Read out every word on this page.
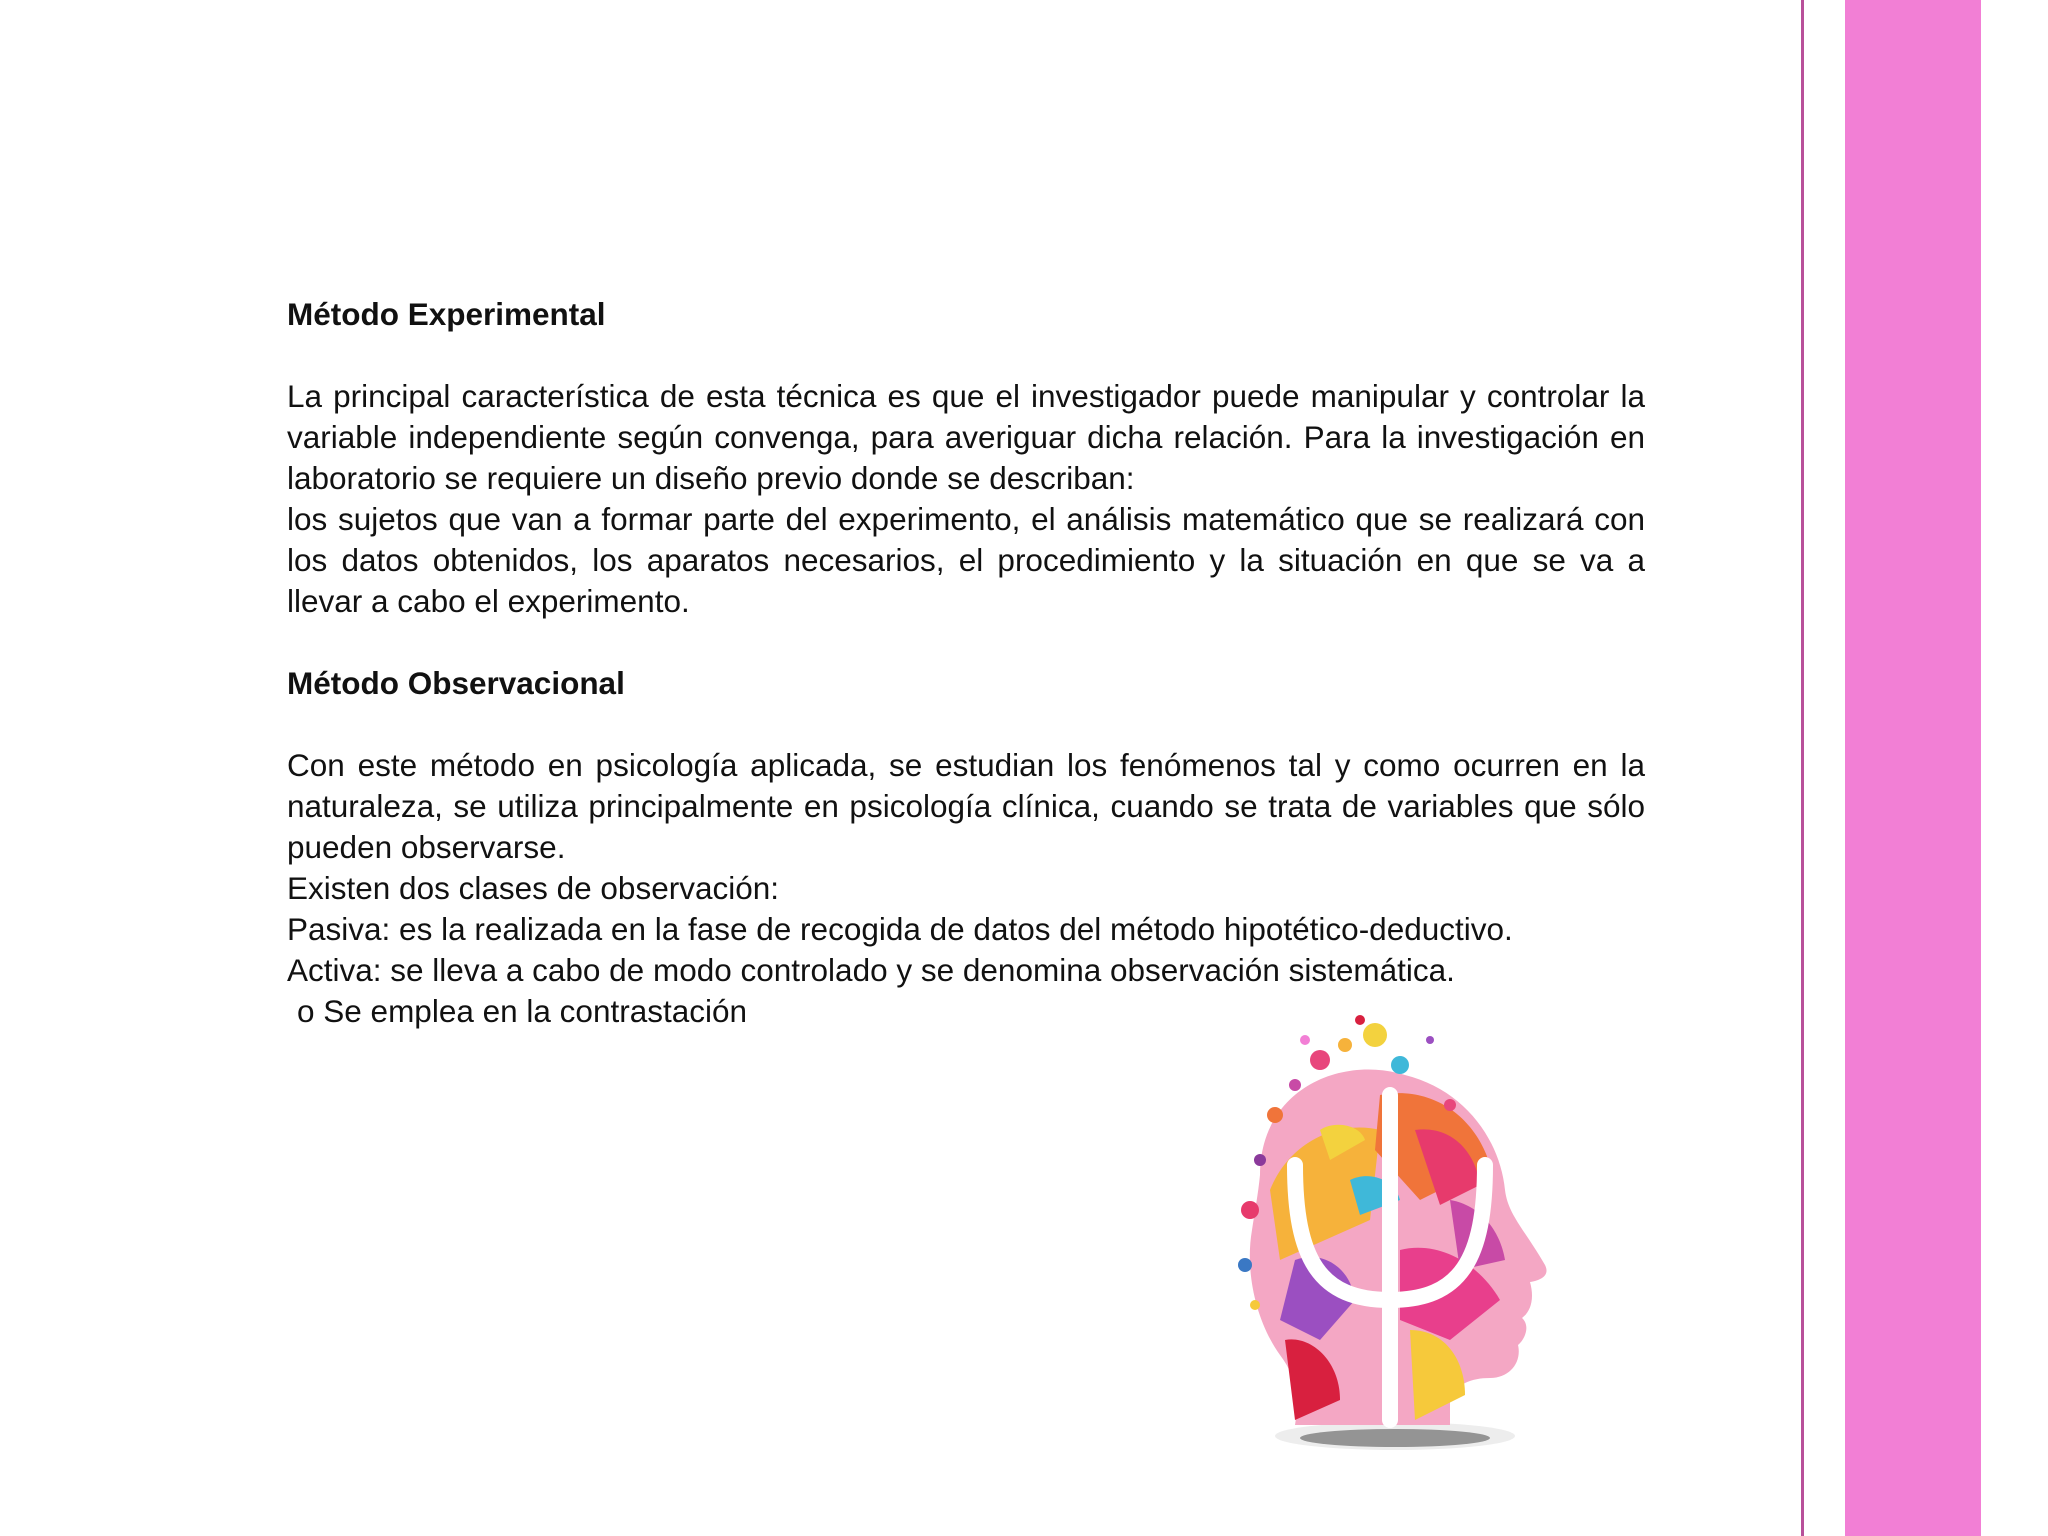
Método Experimental

La principal característica de esta técnica es que el investigador puede manipular y controlar la variable independiente según convenga, para averiguar dicha relación. Para la investigación en laboratorio se requiere un diseño previo donde se describan:

los sujetos que van a formar parte del experimento, el análisis matemático que se realizará con los datos obtenidos, los aparatos necesarios, el procedimiento y la situación en que se va a llevar a cabo el experimento.

Método Observacional

Con este método en psicología aplicada, se estudian los fenómenos tal y como ocurren en la naturaleza, se utiliza principalmente en psicología clínica, cuando se trata de variables que sólo pueden observarse.

Existen dos clases de observación:
Pasiva: es la realizada en la fase de recogida de datos del método hipotético-deductivo.
Activa: se lleva a cabo de modo controlado y se denomina observación sistemática.
o Se emplea en la contrastación
